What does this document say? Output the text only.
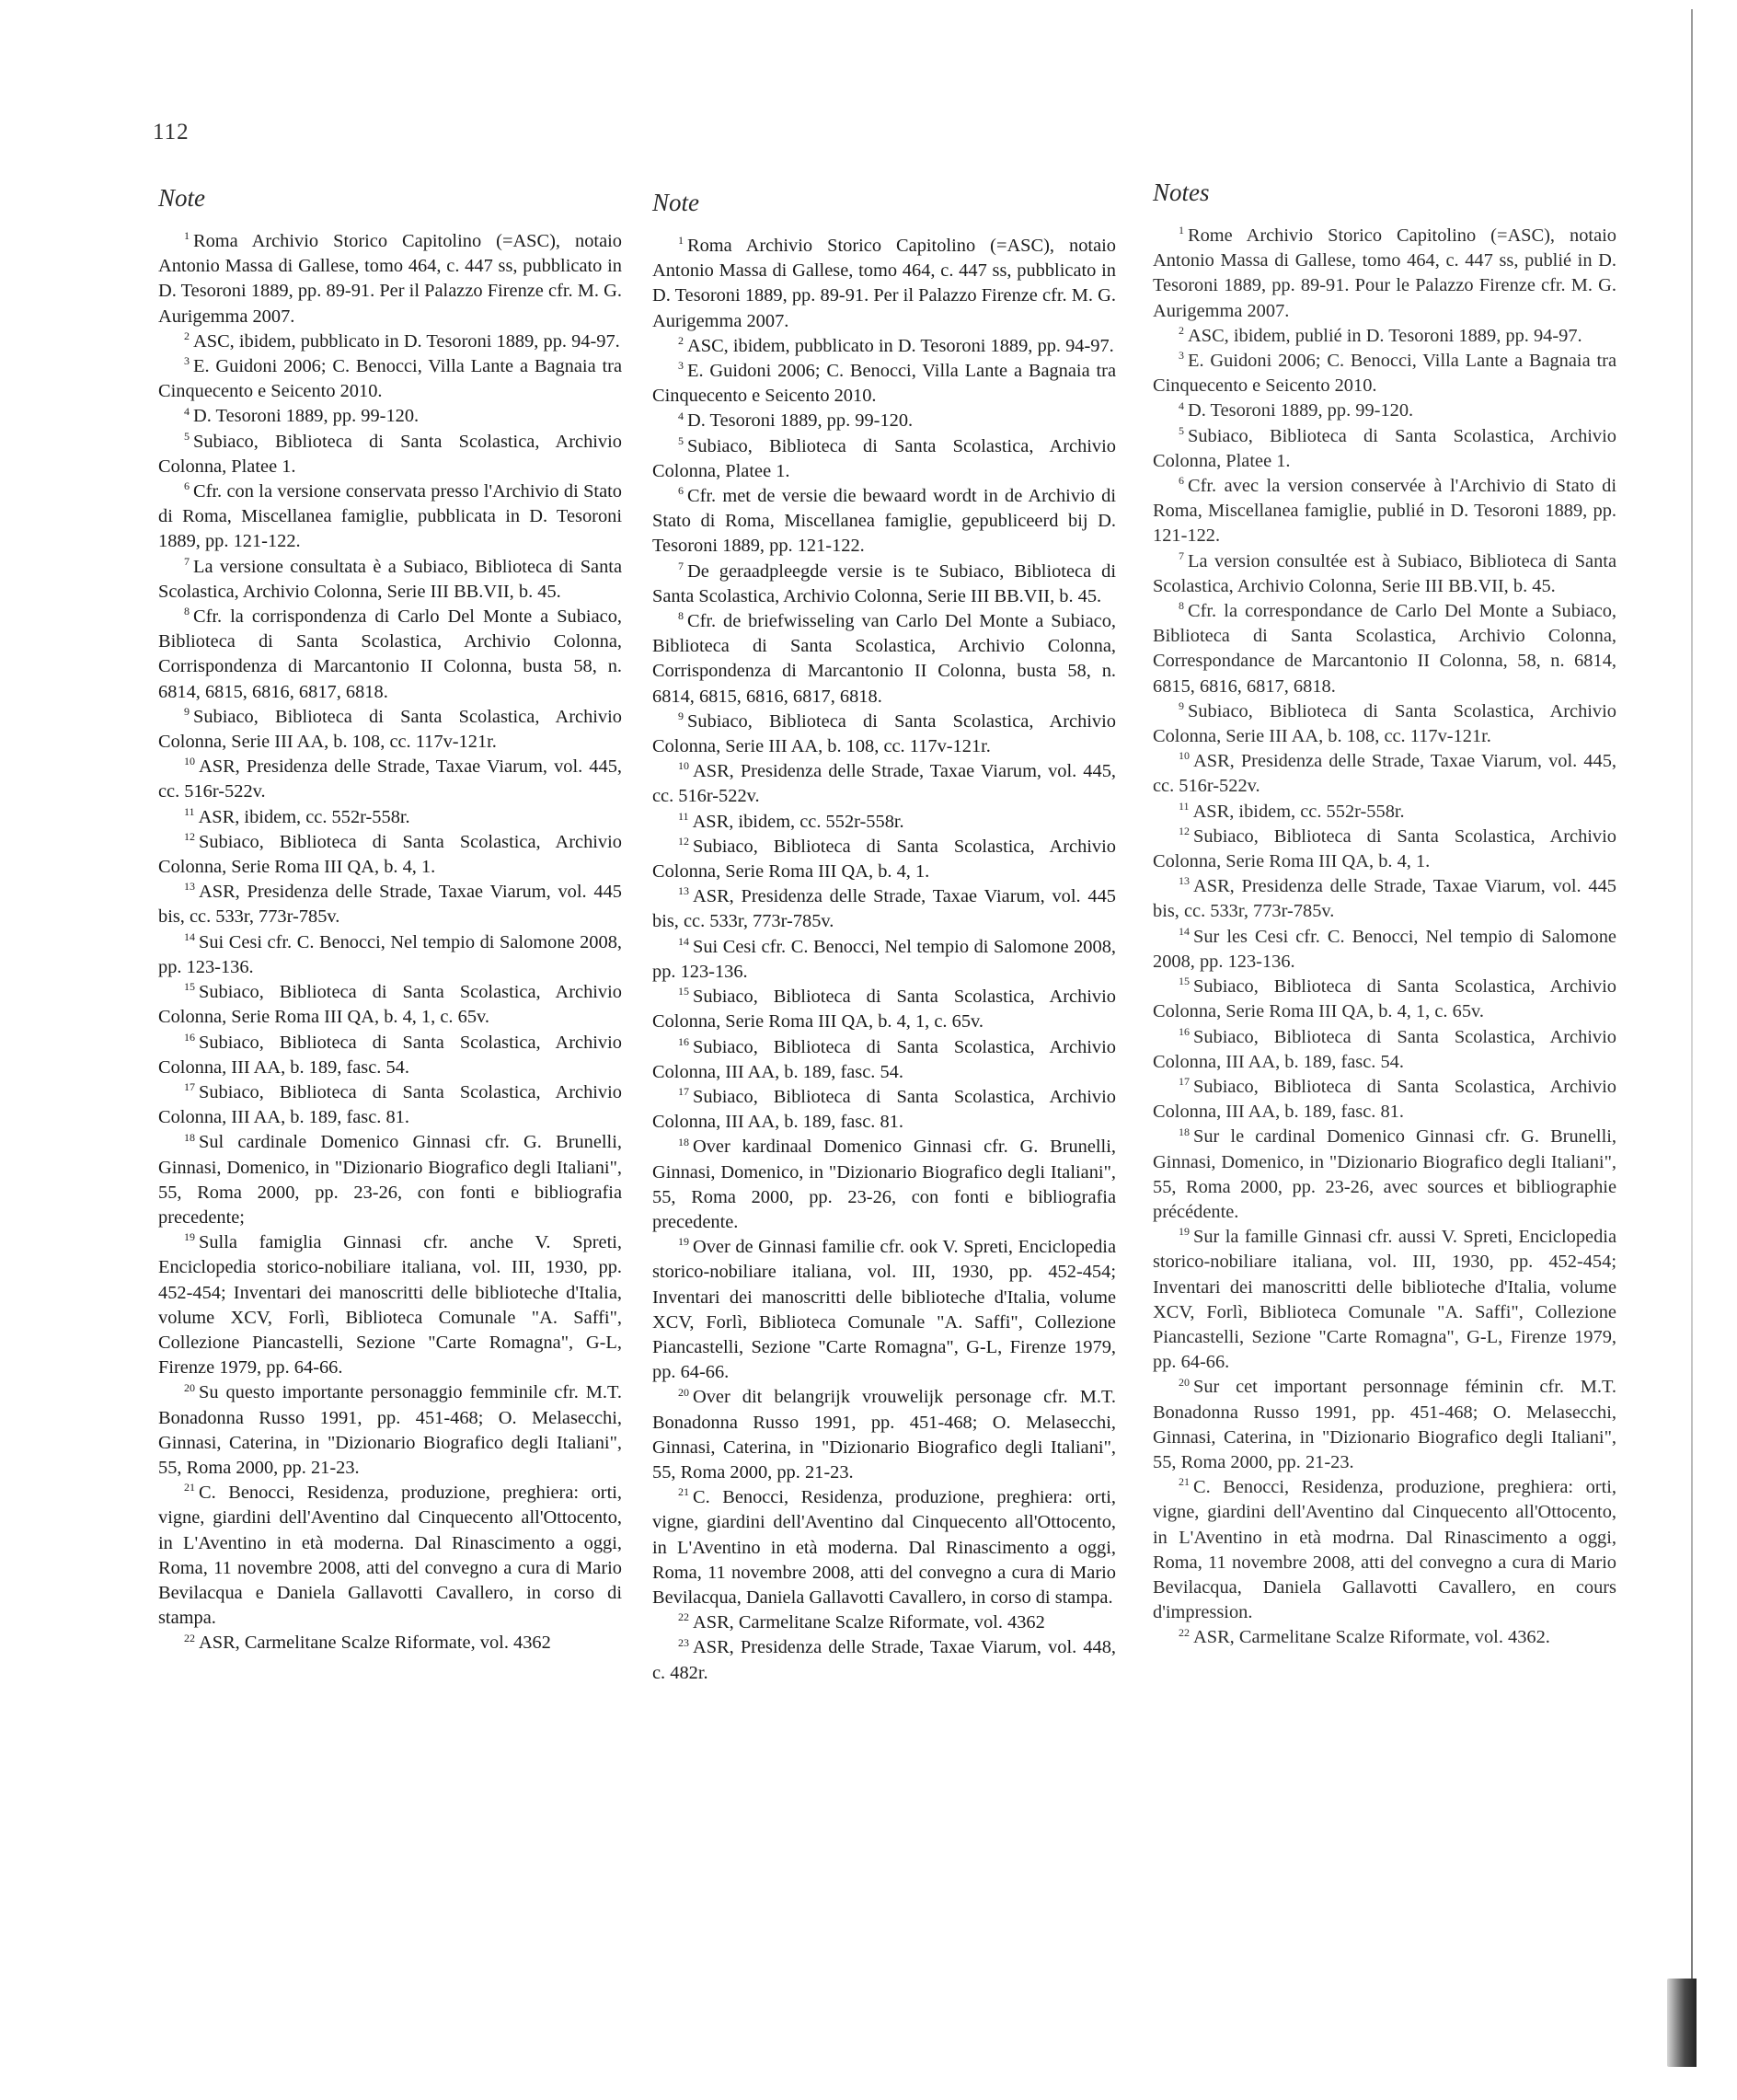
112
Note

$^1$ Roma Archivio Storico Capitolino (=ASC), notaio Antonio Massa di Gallese, tomo 464, c. 447 ss, pubblicato in D. Tesoroni 1889, pp. 89-91. Per il Palazzo Firenze cfr. M. G. Aurigemma 2007.

$^2$ ASC, ibidem, pubblicato in D. Tesoroni 1889, pp. 94-97.

$^3$ E. Guidoni 2006; C. Benocci, Villa Lante a Bagnaia tra Cinquecento e Seicento 2010.

$^4$ D. Tesoroni 1889, pp. 99-120.

$^5$ Subiaco, Biblioteca di Santa Scolastica, Archivio Colonna, Platee 1.

$^6$ Cfr. con la versione conservata presso l'Archivio di Stato di Roma, Miscellanea famiglie, pubblicata in D. Tesoroni 1889, pp. 121-122.

$^7$ La versione consultata è a Subiaco, Biblioteca di Santa Scolastica, Archivio Colonna, Serie III BB.VII, b. 45.

$^8$ Cfr. la corrispondenza di Carlo Del Monte a Subiaco, Biblioteca di Santa Scolastica, Archivio Colonna, Corrispondenza di Marcantonio II Colonna, busta 58, n. 6814, 6815, 6816, 6817, 6818.

$^9$ Subiaco, Biblioteca di Santa Scolastica, Archivio Colonna, Serie III AA, b. 108, cc. 117v-121r.

$^{10}$ ASR, Presidenza delle Strade, Taxae Viarum, vol. 445, cc. 516r-522v.

$^{11}$ ASR, ibidem, cc. 552r-558r.

$^{12}$ Subiaco, Biblioteca di Santa Scolastica, Archivio Colonna, Serie Roma III QA, b. 4, 1.

$^{13}$ ASR, Presidenza delle Strade, Taxae Viarum, vol. 445 bis, cc. 533r, 773r-785v.

$^{14}$ Sui Cesi cfr. C. Benocci, Nel tempio di Salomone 2008, pp. 123-136.

$^{15}$ Subiaco, Biblioteca di Santa Scolastica, Archivio Colonna, Serie Roma III QA, b. 4, 1, c. 65v.

$^{16}$ Subiaco, Biblioteca di Santa Scolastica, Archivio Colonna, III AA, b. 189, fasc. 54.

$^{17}$ Subiaco, Biblioteca di Santa Scolastica, Archivio Colonna, III AA, b. 189, fasc. 81.

$^{18}$ Sul cardinale Domenico Ginnasi cfr. G. Brunelli, Ginnasi, Domenico, in "Dizionario Biografico degli Italiani", 55, Roma 2000, pp. 23-26, con fonti e bibliografia precedente;

$^{19}$ Sulla famiglia Ginnasi cfr. anche V. Spreti, Enciclopedia storico-nobiliare italiana, vol. III, 1930, pp. 452-454; Inventari dei manoscritti delle biblioteche d'Italia, volume XCV, Forlì, Biblioteca Comunale "A. Saffi", Collezione Piancastelli, Sezione "Carte Romagna", G-L, Firenze 1979, pp. 64-66.

$^{20}$ Su questo importante personaggio femminile cfr. M.T. Bonadonna Russo 1991, pp. 451-468; O. Melasecchi, Ginnasi, Caterina, in "Dizionario Biografico degli Italiani", 55, Roma 2000, pp. 21-23.

$^{21}$ C. Benocci, Residenza, produzione, preghiera: orti, vigne, giardini dell'Aventino dal Cinquecento all'Ottocento, in L'Aventino in età moderna. Dal Rinascimento a oggi, Roma, 11 novembre 2008, atti del convegno a cura di Mario Bevilacqua e Daniela Gallavotti Cavallero, in corso di stampa.

$^{22}$ ASR, Carmelitane Scalze Riformate, vol. 4362

Note

$^1$ Roma Archivio Storico Capitolino (=ASC), notaio Antonio Massa di Gallese, tomo 464, c. 447 ss, pubblicato in D. Tesoroni 1889, pp. 89-91. Per il Palazzo Firenze cfr. M. G. Aurigemma 2007.

$^2$ ASC, ibidem, pubblicato in D. Tesoroni 1889, pp. 94-97.

$^3$ E. Guidoni 2006; C. Benocci, Villa Lante a Bagnaia tra Cinquecento e Seicento 2010.

$^4$ D. Tesoroni 1889, pp. 99-120.

$^5$ Subiaco, Biblioteca di Santa Scolastica, Archivio Colonna, Platee 1.

$^6$ Cfr. met de versie die bewaard wordt in de Archivio di Stato di Roma, Miscellanea famiglie, gepubliceerd bij D. Tesoroni 1889, pp. 121-122.

$^7$ De geraadpleegde versie is te Subiaco, Biblioteca di Santa Scolastica, Archivio Colonna, Serie III BB.VII, b. 45.

$^8$ Cfr. de briefwisseling van Carlo Del Monte a Subiaco, Biblioteca di Santa Scolastica, Archivio Colonna, Corrispondenza di Marcantonio II Colonna, busta 58, n. 6814, 6815, 6816, 6817, 6818.

$^9$ Subiaco, Biblioteca di Santa Scolastica, Archivio Colonna, Serie III AA, b. 108, cc. 117v-121r.

$^{10}$ ASR, Presidenza delle Strade, Taxae Viarum, vol. 445, cc. 516r-522v.

$^{11}$ ASR, ibidem, cc. 552r-558r.

$^{12}$ Subiaco, Biblioteca di Santa Scolastica, Archivio Colonna, Serie Roma III QA, b. 4, 1.

$^{13}$ ASR, Presidenza delle Strade, Taxae Viarum, vol. 445 bis, cc. 533r, 773r-785v.

$^{14}$ Sui Cesi cfr. C. Benocci, Nel tempio di Salomone 2008, pp. 123-136.

$^{15}$ Subiaco, Biblioteca di Santa Scolastica, Archivio Colonna, Serie Roma III QA, b. 4, 1, c. 65v.

$^{16}$ Subiaco, Biblioteca di Santa Scolastica, Archivio Colonna, III AA, b. 189, fasc. 54.

$^{17}$ Subiaco, Biblioteca di Santa Scolastica, Archivio Colonna, III AA, b. 189, fasc. 81.

$^{18}$ Over kardinaal Domenico Ginnasi cfr. G. Brunelli, Ginnasi, Domenico, in "Dizionario Biografico degli Italiani", 55, Roma 2000, pp. 23-26, con fonti e bibliografia precedente.

$^{19}$ Over de Ginnasi familie cfr. ook V. Spreti, Enciclopedia storico-nobiliare italiana, vol. III, 1930, pp. 452-454; Inventari dei manoscritti delle biblioteche d'Italia, volume XCV, Forlì, Biblioteca Comunale "A. Saffi", Collezione Piancastelli, Sezione "Carte Romagna", G-L, Firenze 1979, pp. 64-66.

$^{20}$ Over dit belangrijk vrouwelijk personage cfr. M.T. Bonadonna Russo 1991, pp. 451-468; O. Melasecchi, Ginnasi, Caterina, in "Dizionario Biografico degli Italiani", 55, Roma 2000, pp. 21-23.

$^{21}$ C. Benocci, Residenza, produzione, preghiera: orti, vigne, giardini dell'Aventino dal Cinquecento all'Ottocento, in L'Aventino in età moderna. Dal Rinascimento a oggi, Roma, 11 novembre 2008, atti del convegno a cura di Mario Bevilacqua, Daniela Gallavotti Cavallero, in corso di stampa.

$^{22}$ ASR, Carmelitane Scalze Riformate, vol. 4362

$^{23}$ ASR, Presidenza delle Strade, Taxae Viarum, vol. 448, c. 482r.

Notes

$^1$ Rome Archivio Storico Capitolino (=ASC), notaio Antonio Massa di Gallese, tomo 464, c. 447 ss, publié in D. Tesoroni 1889, pp. 89-91. Pour le Palazzo Firenze cfr. M. G. Aurigemma 2007.

$^2$ ASC, ibidem, publié in D. Tesoroni 1889, pp. 94-97.

$^3$ E. Guidoni 2006; C. Benocci, Villa Lante a Bagnaia tra Cinquecento e Seicento 2010.

$^4$ D. Tesoroni 1889, pp. 99-120.

$^5$ Subiaco, Biblioteca di Santa Scolastica, Archivio Colonna, Platee 1.

$^6$ Cfr. avec la version conservée à l'Archivio di Stato di Roma, Miscellanea famiglie, publié in D. Tesoroni 1889, pp. 121-122.

$^7$ La version consultée est à Subiaco, Biblioteca di Santa Scolastica, Archivio Colonna, Serie III BB.VII, b. 45.

$^8$ Cfr. la correspondance de Carlo Del Monte a Subiaco, Biblioteca di Santa Scolastica, Archivio Colonna, Correspondance de Marcantonio II Colonna, 58, n. 6814, 6815, 6816, 6817, 6818.

$^9$ Subiaco, Biblioteca di Santa Scolastica, Archivio Colonna, Serie III AA, b. 108, cc. 117v-121r.

$^{10}$ ASR, Presidenza delle Strade, Taxae Viarum, vol. 445, cc. 516r-522v.

$^{11}$ ASR, ibidem, cc. 552r-558r.

$^{12}$ Subiaco, Biblioteca di Santa Scolastica, Archivio Colonna, Serie Roma III QA, b. 4, 1.

$^{13}$ ASR, Presidenza delle Strade, Taxae Viarum, vol. 445 bis, cc. 533r, 773r-785v.

$^{14}$ Sur les Cesi cfr. C. Benocci, Nel tempio di Salomone 2008, pp. 123-136.

$^{15}$ Subiaco, Biblioteca di Santa Scolastica, Archivio Colonna, Serie Roma III QA, b. 4, 1, c. 65v.

$^{16}$ Subiaco, Biblioteca di Santa Scolastica, Archivio Colonna, III AA, b. 189, fasc. 54.

$^{17}$ Subiaco, Biblioteca di Santa Scolastica, Archivio Colonna, III AA, b. 189, fasc. 81.

$^{18}$ Sur le cardinal Domenico Ginnasi cfr. G. Brunelli, Ginnasi, Domenico, in "Dizionario Biografico degli Italiani", 55, Roma 2000, pp. 23-26, avec sources et bibliographie précédente.

$^{19}$ Sur la famille Ginnasi cfr. aussi V. Spreti, Enciclopedia storico-nobiliare italiana, vol. III, 1930, pp. 452-454; Inventari dei manoscritti delle biblioteche d'Italia, volume XCV, Forlì, Biblioteca Comunale "A. Saffi", Collezione Piancastelli, Sezione "Carte Romagna", G-L, Firenze 1979, pp. 64-66.

$^{20}$ Sur cet important personnage féminin cfr. M.T. Bonadonna Russo 1991, pp. 451-468; O. Melasecchi, Ginnasi, Caterina, in "Dizionario Biografico degli Italiani", 55, Roma 2000, pp. 21-23.

$^{21}$ C. Benocci, Residenza, produzione, preghiera: orti, vigne, giardini dell'Aventino dal Cinquecento all'Ottocento, in L'Aventino in età modrna. Dal Rinascimento a oggi, Roma, 11 novembre 2008, atti del convegno a cura di Mario Bevilacqua, Daniela Gallavotti Cavallero, en cours d'impression.

$^{22}$ ASR, Carmelitane Scalze Riformate, vol. 4362.
